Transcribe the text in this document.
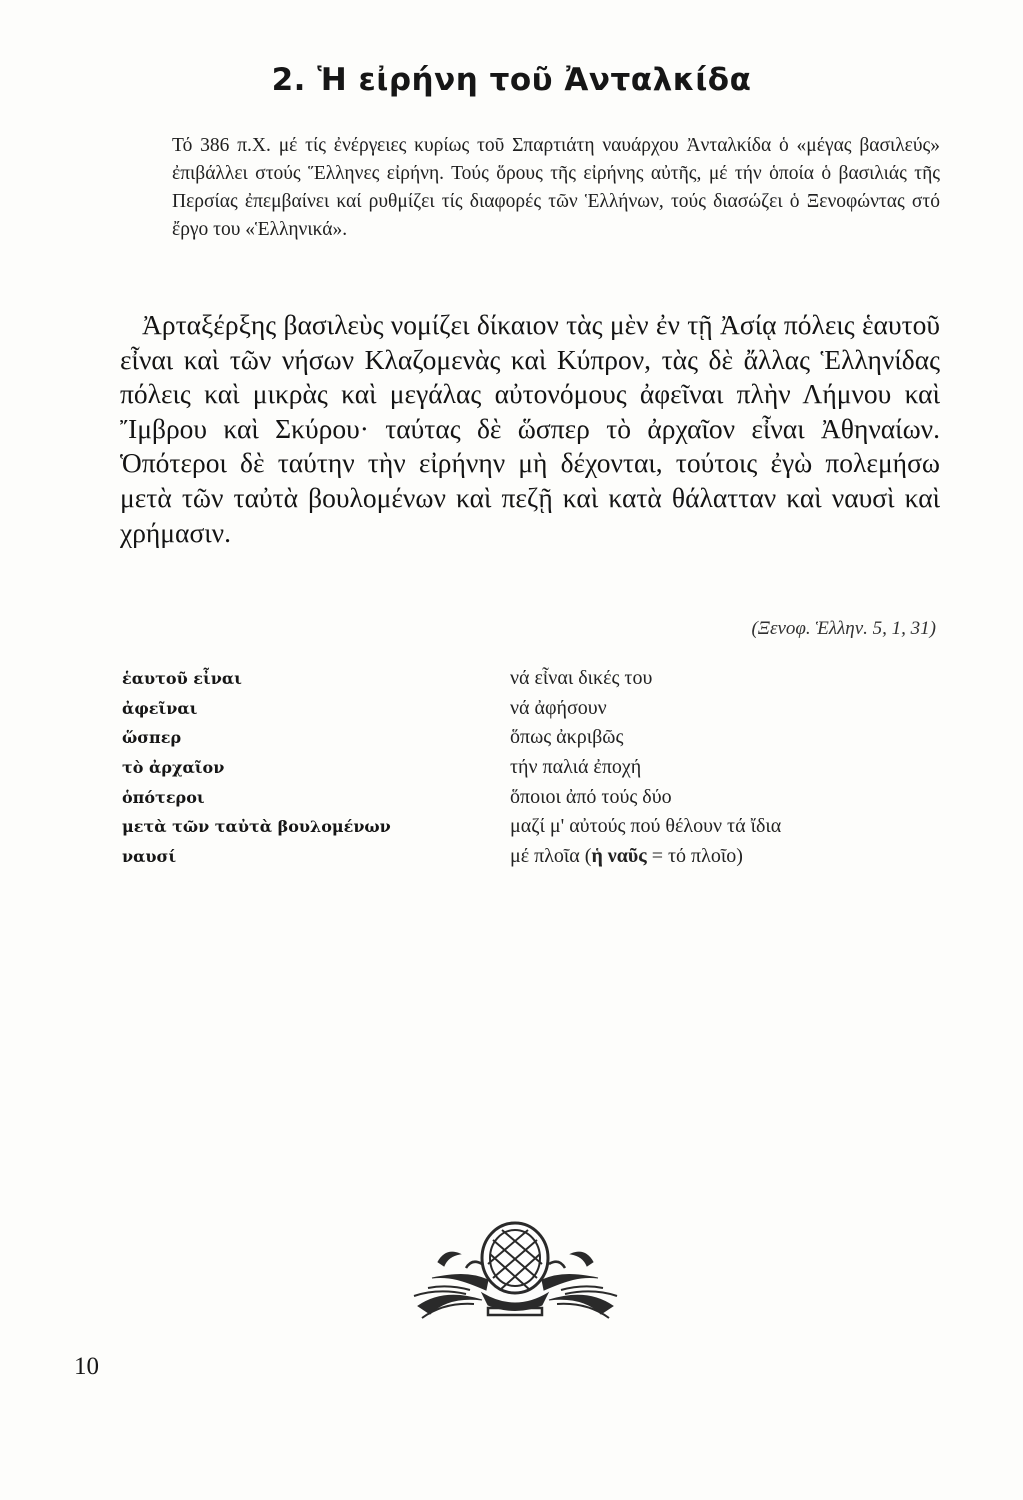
2. Ἡ εἰρήνη τοῦ Ἀνταλκίδα

Τό 386 π.Χ. μέ τίς ἐνέργειες κυρίως τοῦ Σπαρτιάτη ναυάρχου Ἀνταλκίδα ὁ «μέγας βασιλεύς» ἐπιβάλλει στούς Ἕλληνες εἰρήνη. Τούς ὅρους τῆς εἰρήνης αὐτῆς, μέ τήν ὁποία ὁ βασιλιάς τῆς Περσίας ἐπεμβαίνει καί ρυθμίζει τίς διαφορές τῶν Ἑλλήνων, τούς διασώζει ὁ Ξενοφώντας στό ἔργο του «Ἑλληνικά».

Ἀρταξέρξης βασιλεὺς νομίζει δίκαιον τὰς μὲν ἐν τῇ Ἀσίᾳ πόλεις ἑαυτοῦ εἶναι καὶ τῶν νήσων Κλαζομενὰς καὶ Κύπρον, τὰς δὲ ἄλλας Ἑλληνίδας πόλεις καὶ μικρὰς καὶ μεγάλας αὐτονόμους ἀφεῖναι πλὴν Λήμνου καὶ Ἴμβρου καὶ Σκύρου· ταύτας δὲ ὥσπερ τὸ ἀρχαῖον εἶναι Ἀθηναίων. Ὁπότεροι δὲ ταύτην τὴν εἰρήνην μὴ δέχονται, τούτοις ἐγὼ πολεμήσω μετὰ τῶν ταὐτὰ βουλομένων καὶ πεζῇ καὶ κατὰ θάλατταν καὶ ναυσὶ καὶ χρήμασιν.

(Ξενοφ. Ἑλλην. 5, 1, 31)

ἑαυτοῦ εἶναι
ἀφεῖναι
ὥσπερ
τὸ ἀρχαῖον
ὁπότεροι
μετὰ τῶν ταὐτὰ βουλομένων
ναυσί
νά εἶναι δικές του
νά ἀφήσουν
ὅπως ἀκριβῶς
τήν παλιά ἐποχή
ὅποιοι ἀπό τούς δύο
μαζί μ' αὐτούς πού θέλουν τά ἴδια
μέ πλοῖα (ἡ ναῦς = τό πλοῖο)

10
